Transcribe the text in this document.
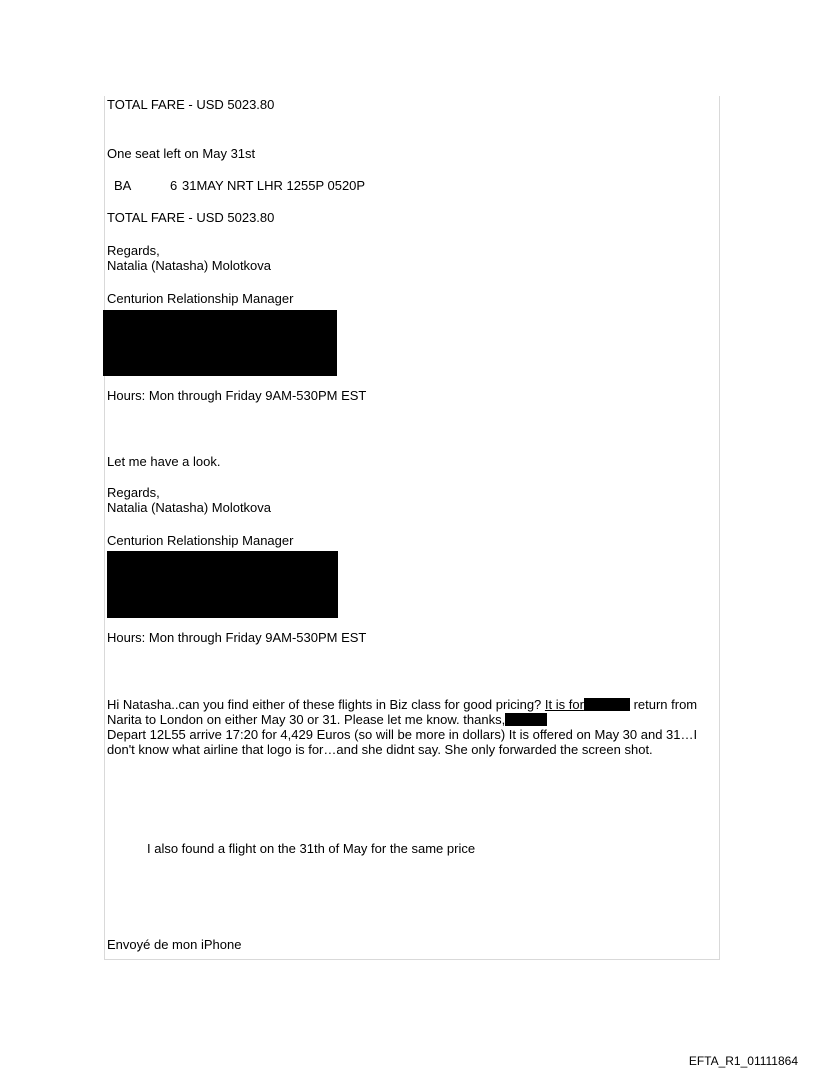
TOTAL FARE - USD 5023.80
One seat left on May 31st
BA	6 31MAY NRT LHR 1255P 0520P
TOTAL FARE - USD 5023.80
Regards,
Natalia (Natasha) Molotkova
Centurion Relationship Manager
Hours: Mon through Friday 9AM-530PM EST
Let me have a look.
Regards,
Natalia (Natasha) Molotkova
Centurion Relationship Manager
Hours: Mon through Friday 9AM-530PM EST
Hi Natasha..can you find either of these flights in Biz class for good pricing? It is for	return from Narita to London on either May 30 or 31. Please let me know. thanks,
Depart 12L55 arrive 17:20 for 4,429 Euros (so will be more in dollars) It is offered on May 30 and 31…I don't know what airline that logo is for…and she didnt say. She only forwarded the screen shot.
I also found a flight on the 31th of May for the same price
Envoyé de mon iPhone
EFTA_R1_01111864
